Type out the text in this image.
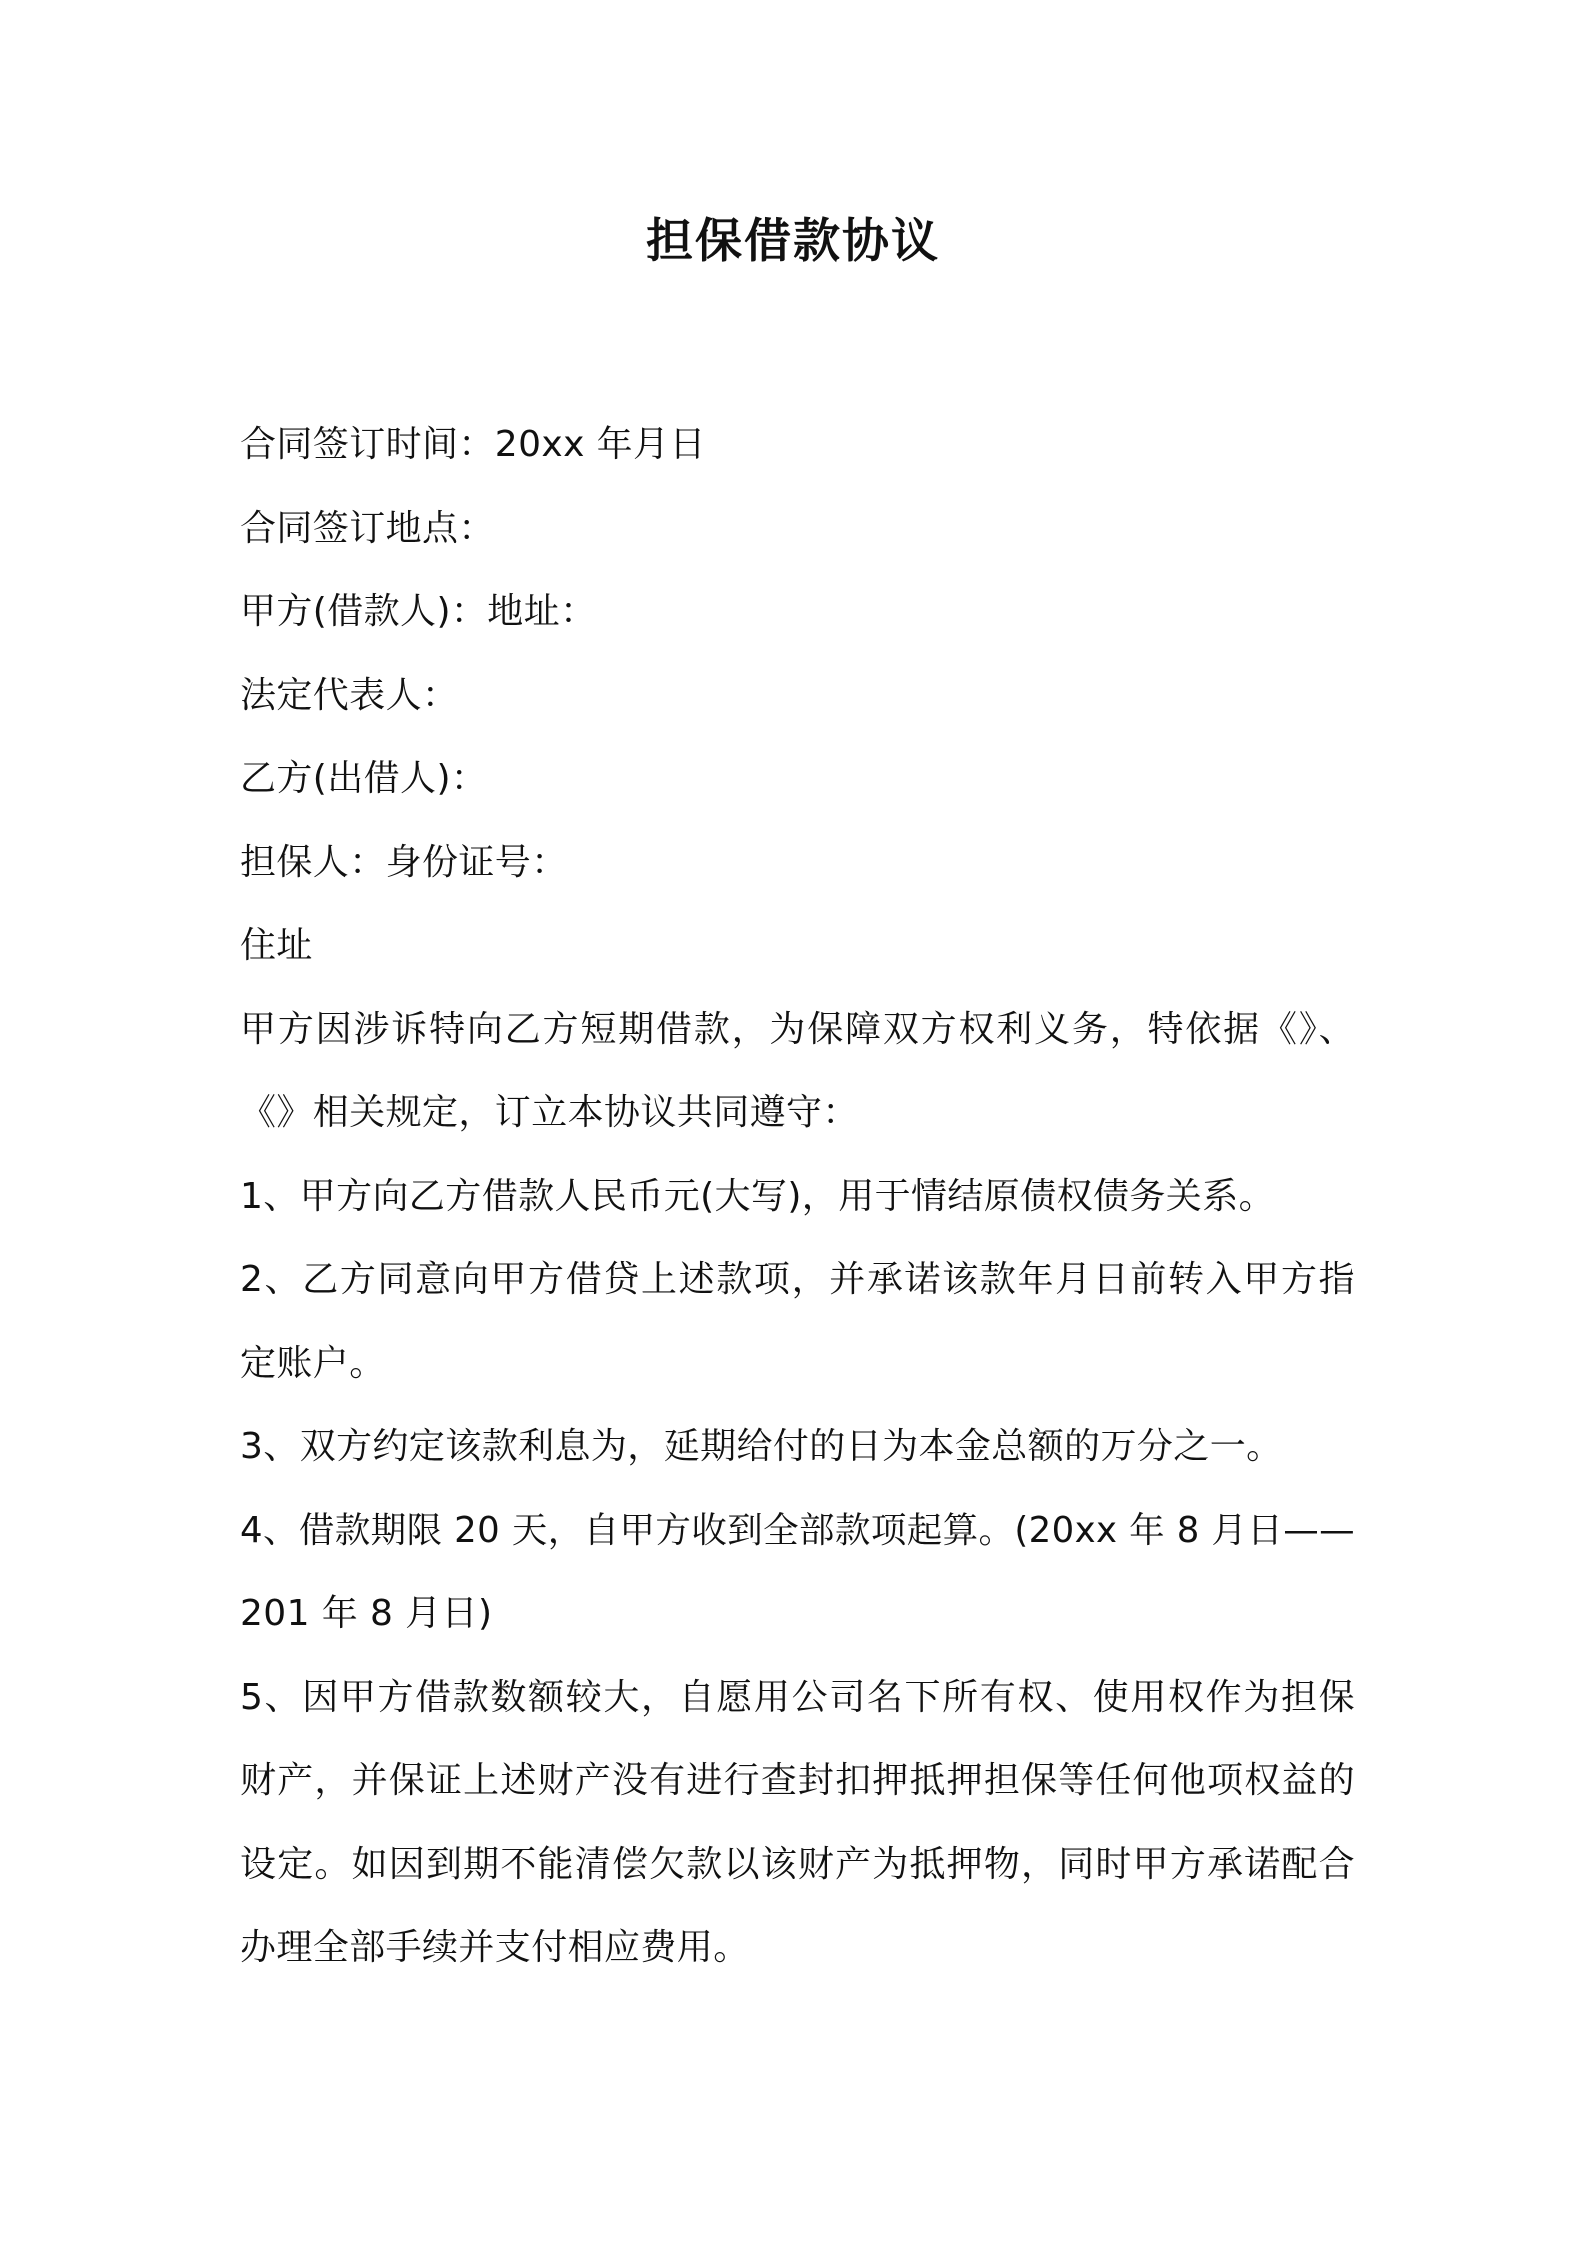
担保借款协议
合同签订时间：20xx 年月日
合同签订地点：
甲方(借款人)：地址：
法定代表人：
乙方(出借人)：
担保人：身份证号：
住址
甲方因涉诉特向乙方短期借款，为保障双方权利义务，特依据《》、
《》相关规定，订立本协议共同遵守：
1、甲方向乙方借款人民币元(大写)，用于情结原债权债务关系。
2、乙方同意向甲方借贷上述款项，并承诺该款年月日前转入甲方指
定账户。
3、双方约定该款利息为，延期给付的日为本金总额的万分之一。
4、借款期限 20 天，自甲方收到全部款项起算。(20xx 年 8 月日——
201 年 8 月日)
5、因甲方借款数额较大，自愿用公司名下所有权、使用权作为担保
财产，并保证上述财产没有进行查封扣押抵押担保等任何他项权益的
设定。如因到期不能清偿欠款以该财产为抵押物，同时甲方承诺配合
办理全部手续并支付相应费用。
